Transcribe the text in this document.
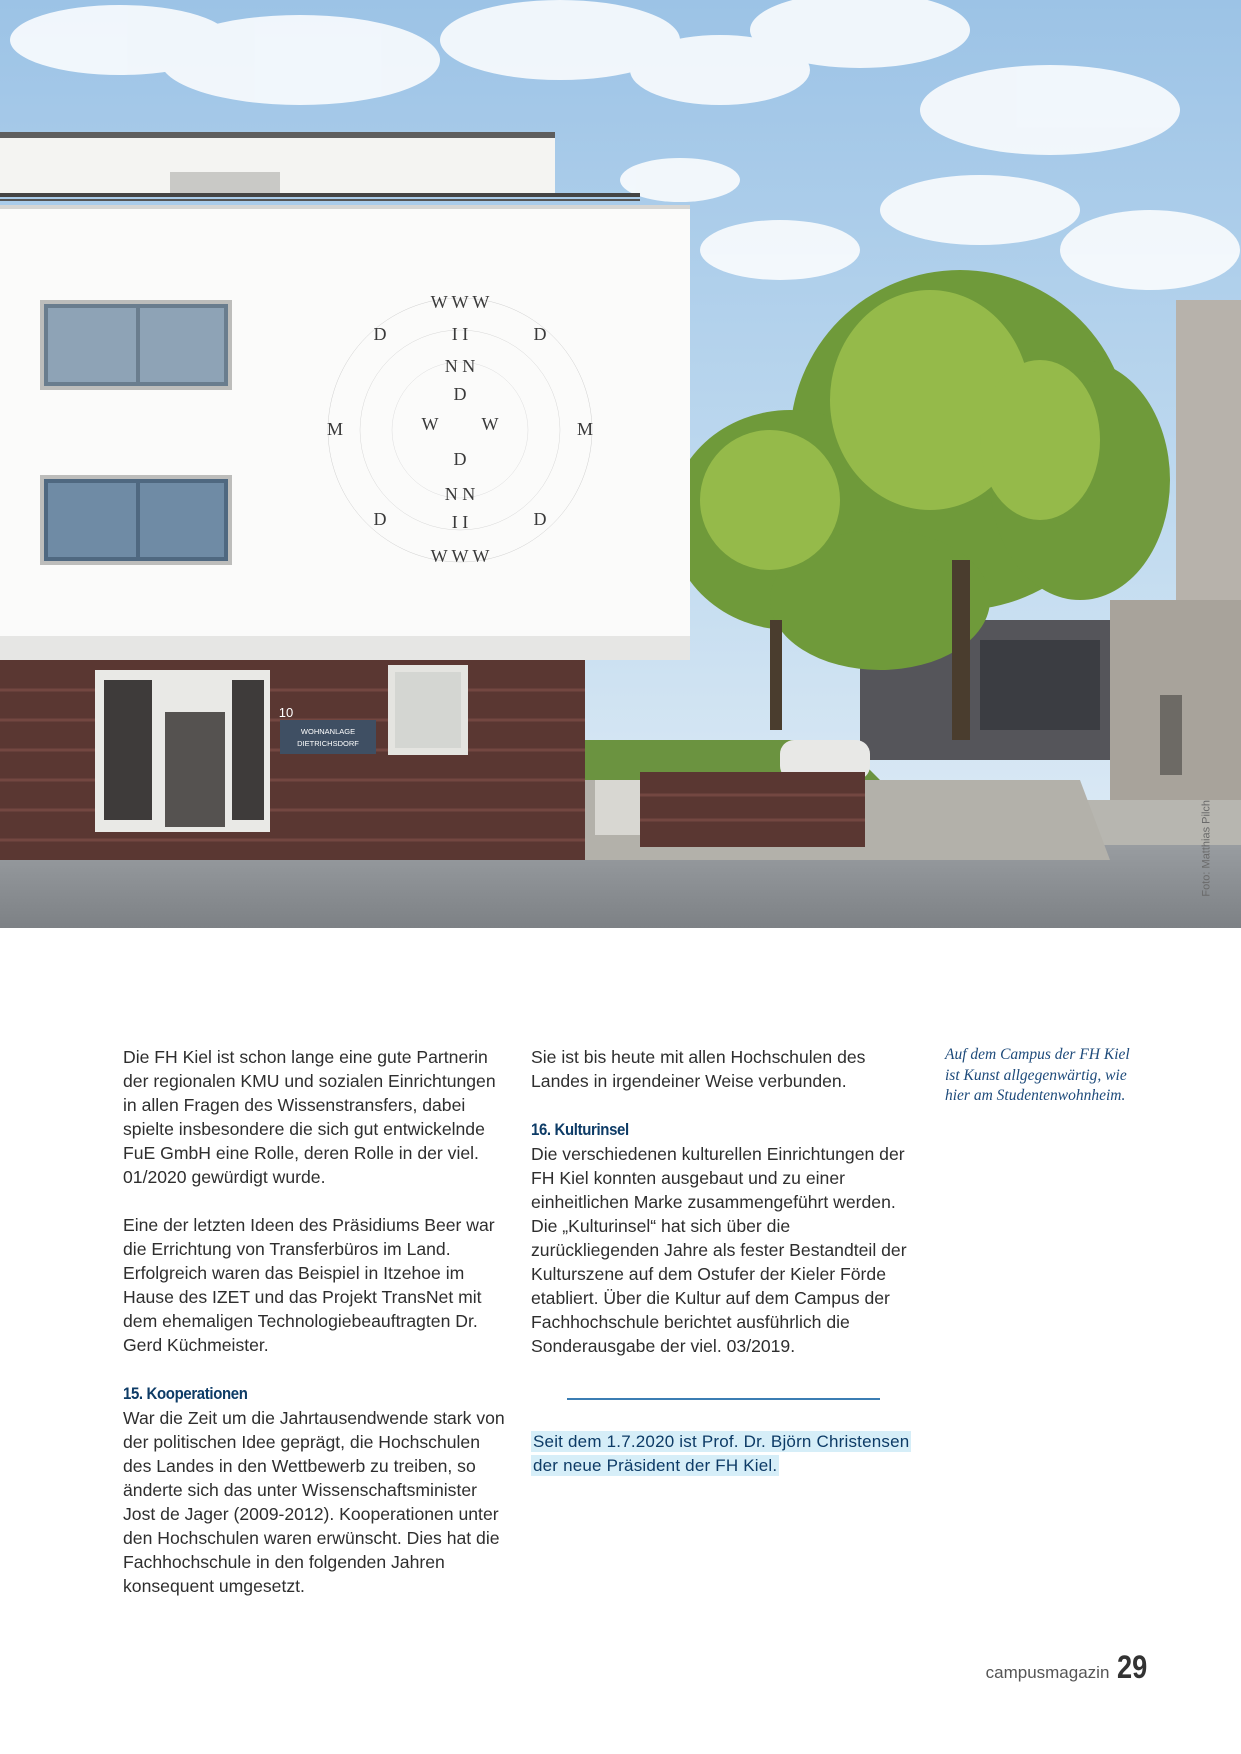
W W W
W W W
M	M
D	D
D	D
I I
I I
N N
N N
D
W W
D
WOHNANLAGE
DIETRICHSDORF
10
Foto: Matthias Pilch

Die FH Kiel ist schon lange eine gute Partnerin der regionalen KMU und sozialen Einrichtungen in allen Fragen des Wissenstransfers, dabei spielte insbesondere die sich gut entwickelnde FuE GmbH eine Rolle, deren Rolle in der viel. 01/2020 gewürdigt wurde.

Eine der letzten Ideen des Präsidiums Beer war die Errichtung von Transferbüros im Land. Erfolgreich waren das Beispiel in Itzehoe im Hause des IZET und das Projekt TransNet mit dem ehemaligen Technologiebeauftragten Dr. Gerd Küchmeister.

15. Kooperationen

War die Zeit um die Jahrtausendwende stark von der politischen Idee geprägt, die Hochschulen des Landes in den Wettbewerb zu treiben, so änderte sich das unter Wissenschaftsminister Jost de Jager (2009-2012). Kooperationen unter den Hochschulen waren erwünscht. Dies hat die Fachhochschule in den folgenden Jahren konsequent umgesetzt.

Sie ist bis heute mit allen Hochschulen des Landes in irgendeiner Weise verbunden.

16. Kulturinsel

Die verschiedenen kulturellen Einrichtungen der FH Kiel konnten ausgebaut und zu einer einheitlichen Marke zusammengeführt werden. Die „Kulturinsel“ hat sich über die zurückliegenden Jahre als fester Bestandteil der Kulturszene auf dem Ostufer der Kieler Förde etabliert. Über die Kultur auf dem Campus der Fachhochschule berichtet ausführlich die Sonderausgabe der viel. 03/2019.

Seit dem 1.7.2020 ist Prof. Dr. Björn Christensen der neue Präsident der FH Kiel.
Auf dem Campus der FH Kiel ist Kunst allgegenwärtig, wie hier am Studentenwohnheim.
campusmagazin 29
